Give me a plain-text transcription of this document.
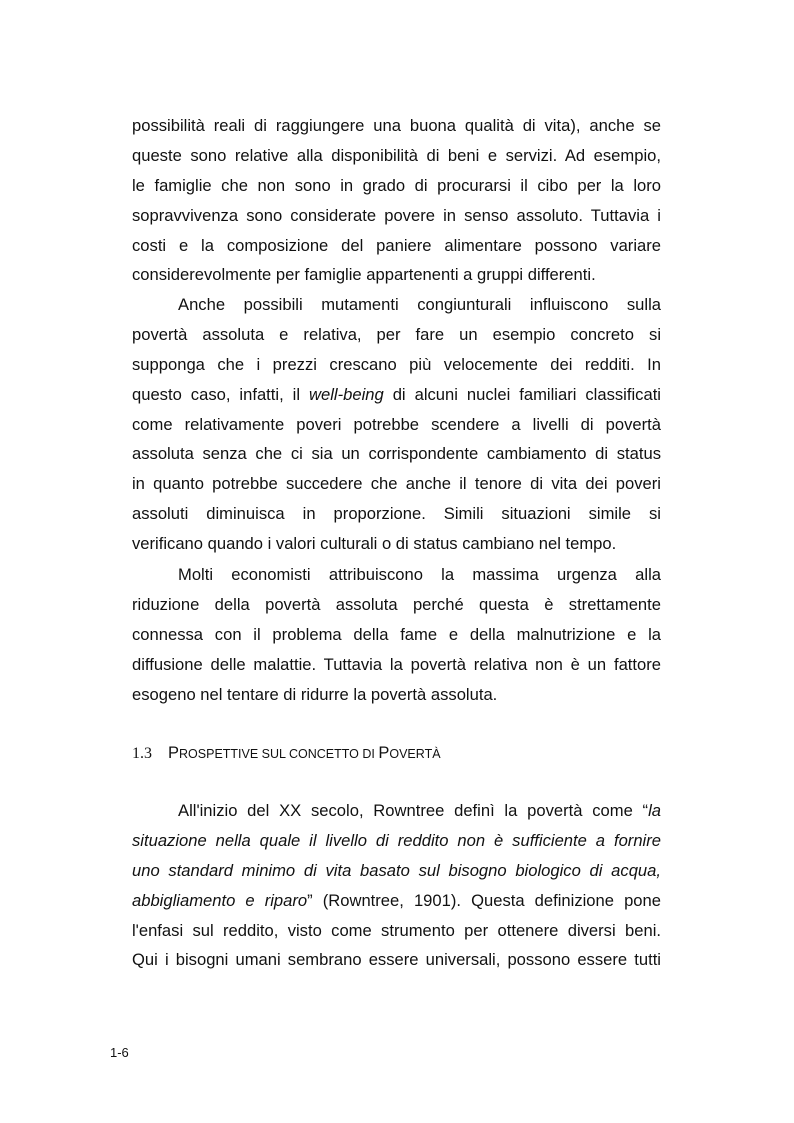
possibilità reali di raggiungere una buona qualità di vita), anche se
queste sono relative alla disponibilità di beni e servizi. Ad esempio,
le famiglie che non sono in grado di procurarsi il cibo per la loro
sopravvivenza sono considerate povere in senso assoluto. Tuttavia i
costi e la composizione del paniere alimentare possono variare
considerevolmente per famiglie appartenenti a gruppi differenti.
Anche possibili mutamenti congiunturali influiscono sulla
povertà assoluta e relativa, per fare un esempio concreto si
supponga che i prezzi crescano più velocemente dei redditi. In
questo caso, infatti, il well-being di alcuni nuclei familiari classificati
come relativamente poveri potrebbe scendere a livelli di povertà
assoluta senza che ci sia un corrispondente cambiamento di status
in quanto potrebbe succedere che anche il tenore di vita dei poveri
assoluti diminuisca in proporzione. Simili situazioni simile si
verificano quando i valori culturali o di status cambiano nel tempo.
Molti economisti attribuiscono la massima urgenza alla
riduzione della povertà assoluta perché questa è strettamente
connessa con il problema della fame e della malnutrizione e la
diffusione delle malattie. Tuttavia la povertà relativa non è un fattore
esogeno nel tentare di ridurre la povertà assoluta.
1.3 PROSPETTIVE SUL CONCETTO DI POVERTÀ
All'inizio del XX secolo, Rowntree definì la povertà come “la
situazione nella quale il livello di reddito non è sufficiente a fornire
uno standard minimo di vita basato sul bisogno biologico di acqua,
abbigliamento e riparo” (Rowntree, 1901). Questa definizione pone
l'enfasi sul reddito, visto come strumento per ottenere diversi beni.
Qui i bisogni umani sembrano essere universali, possono essere tutti
1-6
